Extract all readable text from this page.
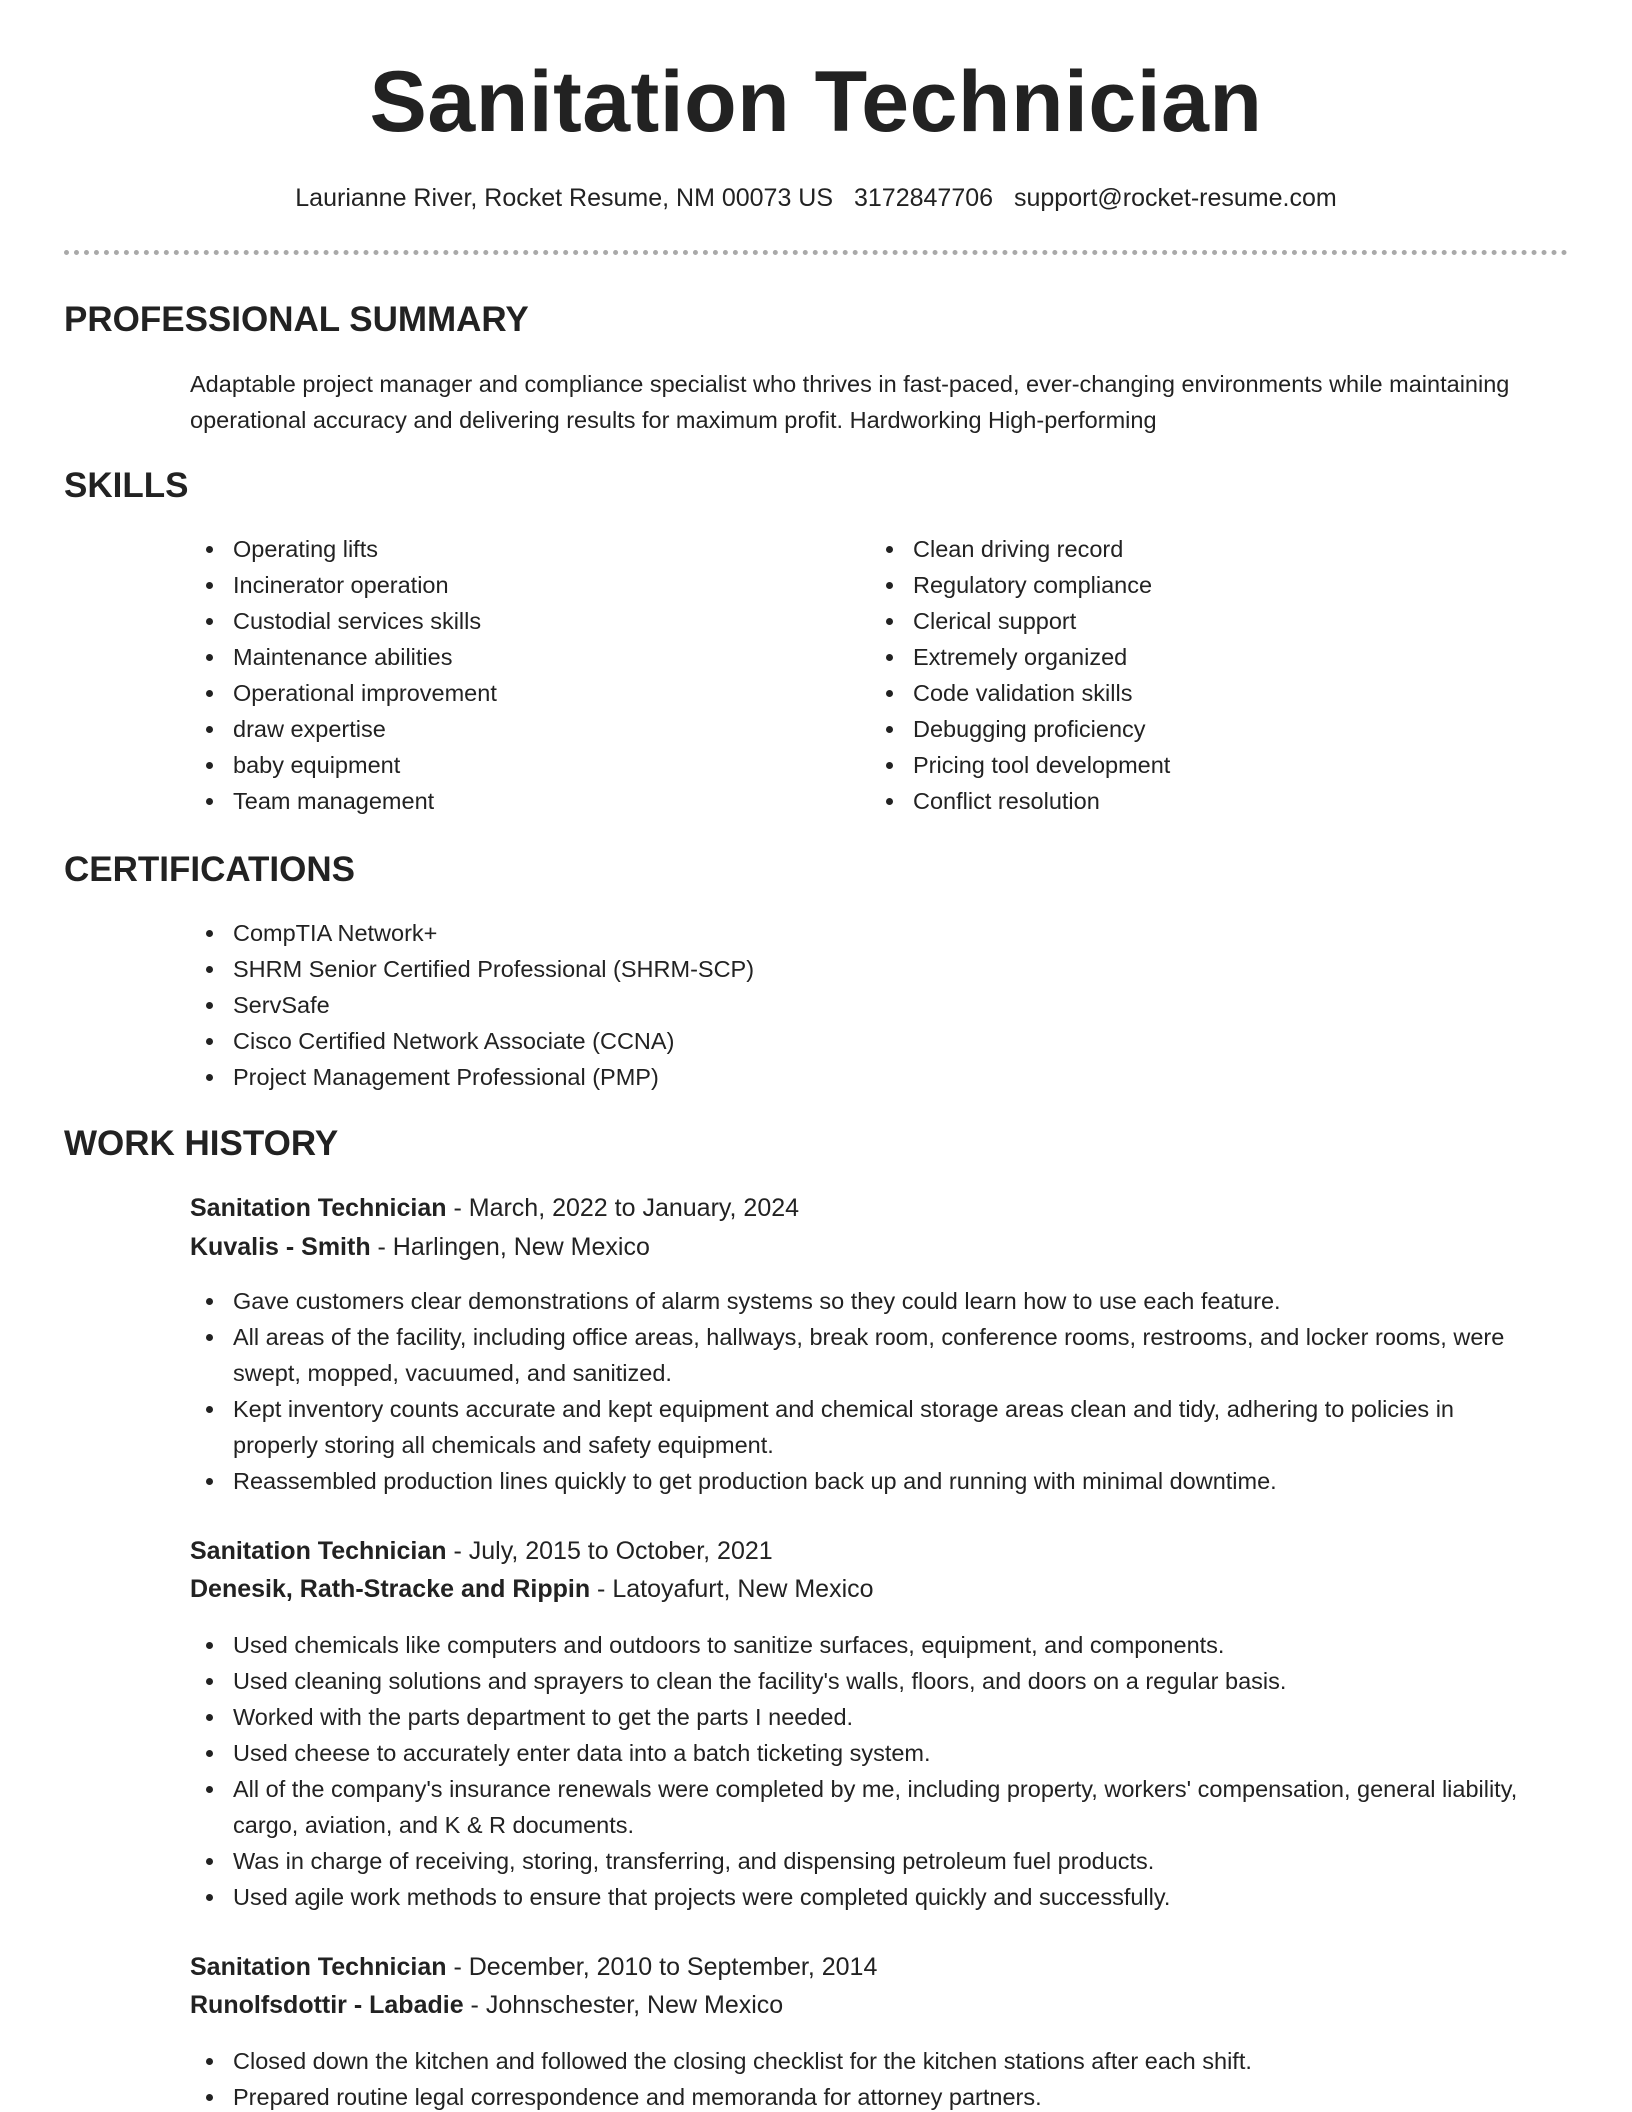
Sanitation Technician
Laurianne River, Rocket Resume, NM 00073 US 3172847706 support@rocket-resume.com
PROFESSIONAL SUMMARY
Adaptable project manager and compliance specialist who thrives in fast-paced, ever-changing environments while maintaining operational accuracy and delivering results for maximum profit. Hardworking High-performing
SKILLS
Operating lifts
Incinerator operation
Custodial services skills
Maintenance abilities
Operational improvement
draw expertise
baby equipment
Team management
Clean driving record
Regulatory compliance
Clerical support
Extremely organized
Code validation skills
Debugging proficiency
Pricing tool development
Conflict resolution
CERTIFICATIONS
CompTIA Network+
SHRM Senior Certified Professional (SHRM-SCP)
ServSafe
Cisco Certified Network Associate (CCNA)
Project Management Professional (PMP)
WORK HISTORY
Sanitation Technician - March, 2022 to January, 2024
Kuvalis - Smith - Harlingen, New Mexico
Gave customers clear demonstrations of alarm systems so they could learn how to use each feature.
All areas of the facility, including office areas, hallways, break room, conference rooms, restrooms, and locker rooms, were swept, mopped, vacuumed, and sanitized.
Kept inventory counts accurate and kept equipment and chemical storage areas clean and tidy, adhering to policies in properly storing all chemicals and safety equipment.
Reassembled production lines quickly to get production back up and running with minimal downtime.
Sanitation Technician - July, 2015 to October, 2021
Denesik, Rath-Stracke and Rippin - Latoyafurt, New Mexico
Used chemicals like computers and outdoors to sanitize surfaces, equipment, and components.
Used cleaning solutions and sprayers to clean the facility's walls, floors, and doors on a regular basis.
Worked with the parts department to get the parts I needed.
Used cheese to accurately enter data into a batch ticketing system.
All of the company's insurance renewals were completed by me, including property, workers' compensation, general liability, cargo, aviation, and K & R documents.
Was in charge of receiving, storing, transferring, and dispensing petroleum fuel products.
Used agile work methods to ensure that projects were completed quickly and successfully.
Sanitation Technician - December, 2010 to September, 2014
Runolfsdottir - Labadie - Johnschester, New Mexico
Closed down the kitchen and followed the closing checklist for the kitchen stations after each shift.
Prepared routine legal correspondence and memoranda for attorney partners.
